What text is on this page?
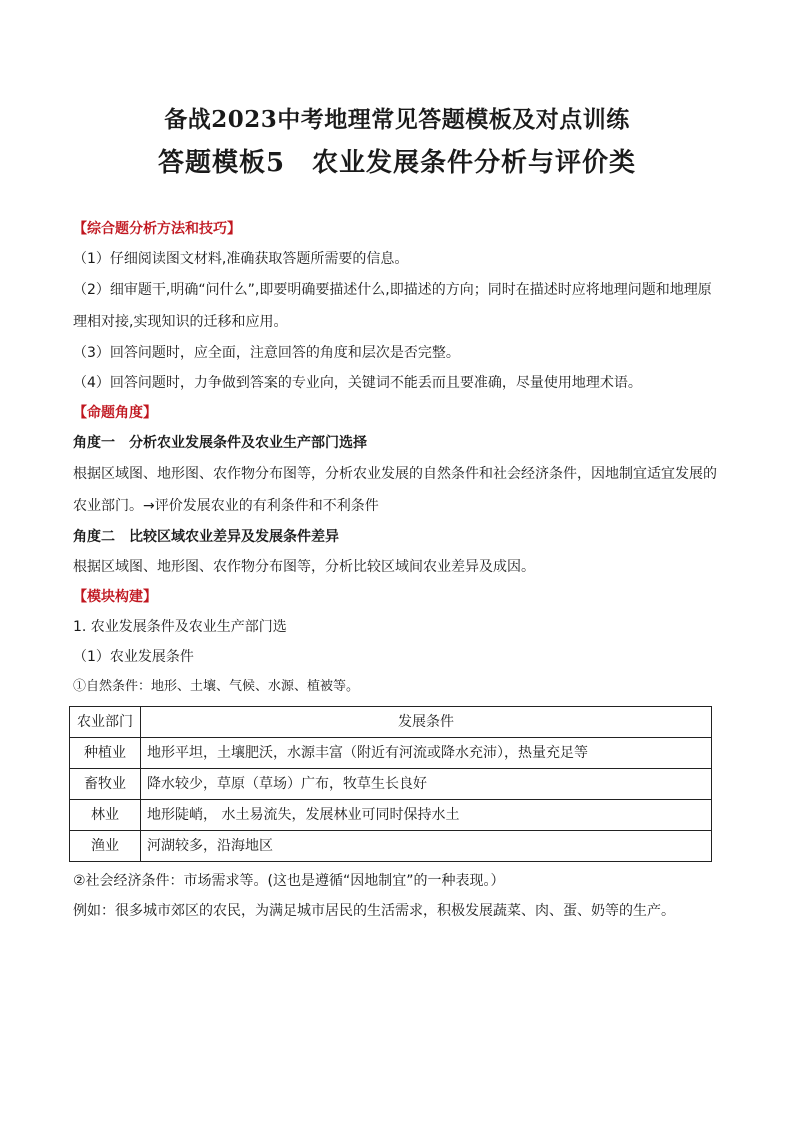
备战2023中考地理常见答题模板及对点训练
答题模板5　农业发展条件分析与评价类

【综合题分析方法和技巧】

（1）仔细阅读图文材料,准确获取答题所需要的信息。

（2）细审题干,明确“问什么”,即要明确要描述什么,即描述的方向；同时在描述时应将地理问题和地理原理相对接,实现知识的迁移和应用。

（3）回答问题时，应全面，注意回答的角度和层次是否完整。

（4）回答问题时，力争做到答案的专业向，关键词不能丢而且要准确，尽量使用地理术语。

【命题角度】

角度一　分析农业发展条件及农业生产部门选择

根据区域图、地形图、农作物分布图等，分析农业发展的自然条件和社会经济条件，因地制宜适宜发展的农业部门。→评价发展农业的有利条件和不利条件

角度二　比较区域农业差异及发展条件差异

根据区域图、地形图、农作物分布图等，分析比较区域间农业差异及成因。

【模块构建】

1. 农业发展条件及农业生产部门选

（1）农业发展条件

①自然条件：地形、土壤、气候、水源、植被等。

农业部门	发展条件
种植业	地形平坦，土壤肥沃，水源丰富（附近有河流或降水充沛），热量充足等
畜牧业	降水较少，草原（草场）广布，牧草生长良好
林业	地形陡峭， 水土易流失，发展林业可同时保持水土
渔业	河湖较多，沿海地区

②社会经济条件：市场需求等。(这也是遵循“因地制宜”的一种表现。）

例如：很多城市郊区的农民，为满足城市居民的生活需求，积极发展蔬菜、肉、蛋、奶等的生产。
